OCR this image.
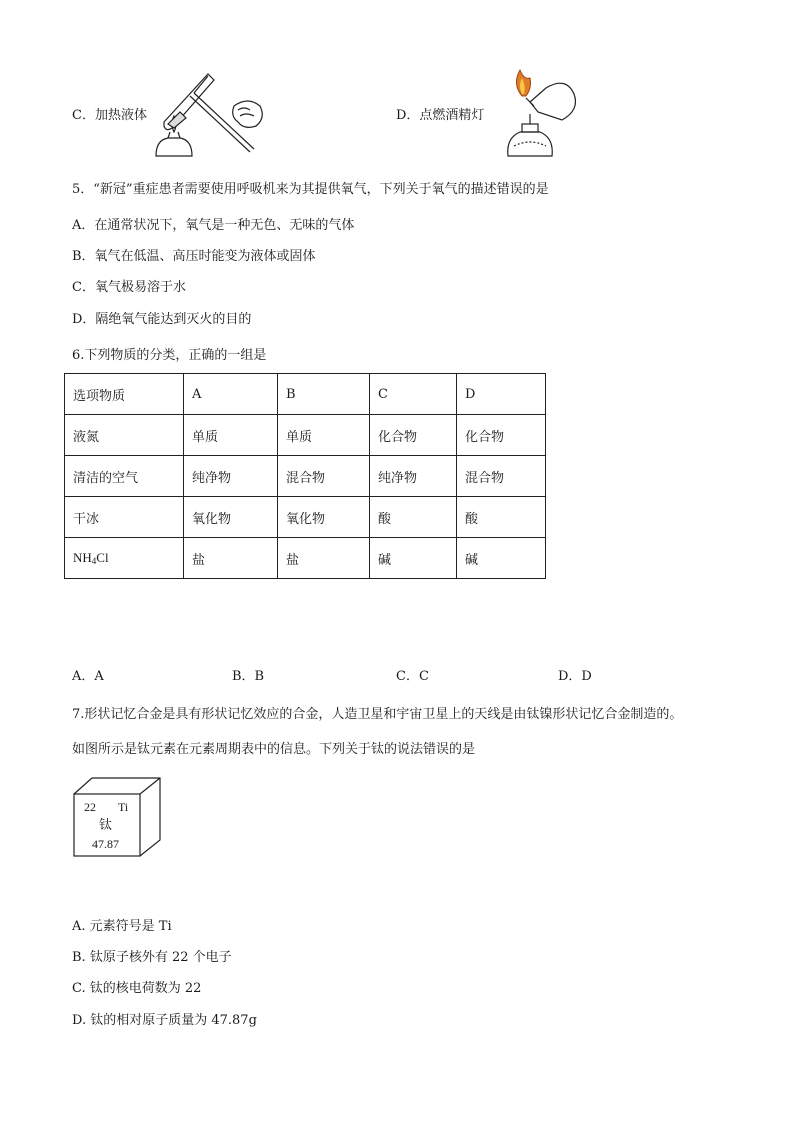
C．加热液体	D．点燃酒精灯
5．“新冠”重症患者需要使用呼吸机来为其提供氧气，下列关于氧气的描述错误的是
A．在通常状况下，氧气是一种无色、无味的气体
B．氧气在低温、高压时能变为液体或固体
C．氧气极易溶于水
D．隔绝氧气能达到灭火的目的
6.下列物质的分类，正确的一组是
选项物质	A	B	C	D
液氮	单质	单质	化合物	化合物
清洁的空气	纯净物	混合物	纯净物	混合物
干冰	氧化物	氧化物	酸	酸
$NH_4Cl$	盐	盐	碱	碱
A．A	B．B	C．C	D．D
7.形状记忆合金是具有形状记忆效应的合金，人造卫星和宇宙卫星上的天线是由钛镍形状记忆合金制造的。
如图所示是钛元素在元素周期表中的信息。下列关于钛的说法错误的是
22 Ti
钛
47.87
A. 元素符号是 Ti
B. 钛原子核外有 22 个电子
C. 钛的核电荷数为 22
D. 钛的相对原子质量为 47.87g
